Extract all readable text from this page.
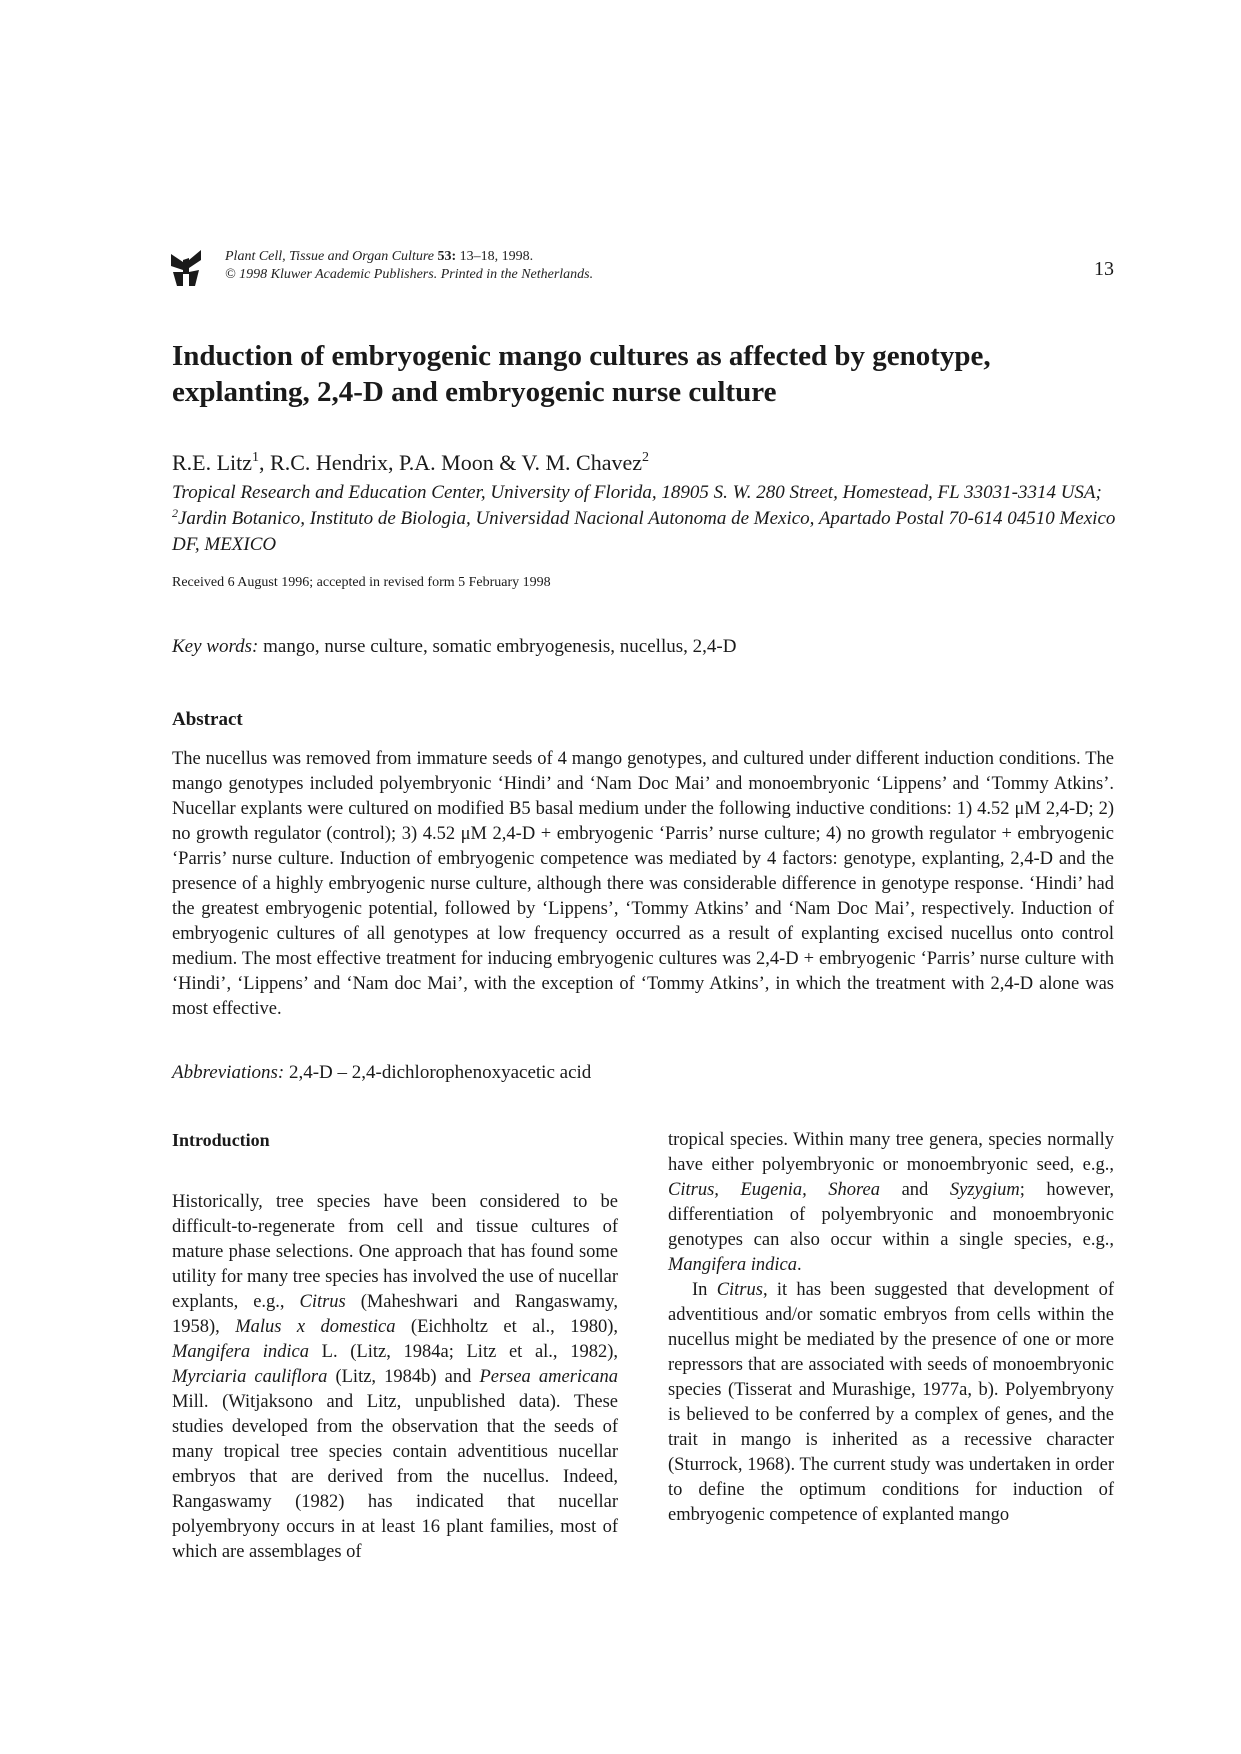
Plant Cell, Tissue and Organ Culture 53: 13–18, 1998.
© 1998 Kluwer Academic Publishers. Printed in the Netherlands.	13
Induction of embryogenic mango cultures as affected by genotype, explanting, 2,4-D and embryogenic nurse culture
R.E. Litz$^1$, R.C. Hendrix, P.A. Moon & V. M. Chavez$^2$
Tropical Research and Education Center, University of Florida, 18905 S. W. 280 Street, Homestead, FL 33031-3314 USA; $^2$Jardin Botanico, Instituto de Biologia, Universidad Nacional Autonoma de Mexico, Apartado Postal 70-614 04510 Mexico DF, MEXICO
Received 6 August 1996; accepted in revised form 5 February 1998
Key words: mango, nurse culture, somatic embryogenesis, nucellus, 2,4-D
Abstract
The nucellus was removed from immature seeds of 4 mango genotypes, and cultured under different induction conditions. The mango genotypes included polyembryonic ‘Hindi’ and ‘Nam Doc Mai’ and monoembryonic ‘Lippens’ and ‘Tommy Atkins’. Nucellar explants were cultured on modified B5 basal medium under the following inductive conditions: 1) 4.52 μM 2,4-D; 2) no growth regulator (control); 3) 4.52 μM 2,4-D + embryogenic ‘Parris’ nurse culture; 4) no growth regulator + embryogenic ‘Parris’ nurse culture. Induction of embryogenic competence was mediated by 4 factors: genotype, explanting, 2,4-D and the presence of a highly embryogenic nurse culture, although there was considerable difference in genotype response. ‘Hindi’ had the greatest embryogenic potential, followed by ‘Lippens’, ‘Tommy Atkins’ and ‘Nam Doc Mai’, respectively. Induction of embryogenic cultures of all genotypes at low frequency occurred as a result of explanting excised nucellus onto control medium. The most effective treatment for inducing embryogenic cultures was 2,4-D + embryogenic ‘Parris’ nurse culture with ‘Hindi’, ‘Lippens’ and ‘Nam doc Mai’, with the exception of ‘Tommy Atkins’, in which the treatment with 2,4-D alone was most effective.
Abbreviations: 2,4-D – 2,4-dichlorophenoxyacetic acid
Introduction
Historically, tree species have been considered to be difficult-to-regenerate from cell and tissue cultures of mature phase selections. One approach that has found some utility for many tree species has involved the use of nucellar explants, e.g., Citrus (Maheshwari and Rangaswamy, 1958), Malus x domestica (Eichholtz et al., 1980), Mangifera indica L. (Litz, 1984a; Litz et al., 1982), Myrciaria cauliflora (Litz, 1984b) and Persea americana Mill. (Witjaksono and Litz, unpublished data). These studies developed from the observation that the seeds of many tropical tree species contain adventitious nucellar embryos that are derived from the nucellus. Indeed, Rangaswamy (1982) has indicated that nucellar polyembryony occurs in at least 16 plant families, most of which are assemblages of

tropical species. Within many tree genera, species normally have either polyembryonic or monoembryonic seed, e.g., Citrus, Eugenia, Shorea and Syzygium; however, differentiation of polyembryonic and monoembryonic genotypes can also occur within a single species, e.g., Mangifera indica.

In Citrus, it has been suggested that development of adventitious and/or somatic embryos from cells within the nucellus might be mediated by the presence of one or more repressors that are associated with seeds of monoembryonic species (Tisserat and Murashige, 1977a, b). Polyembryony is believed to be conferred by a complex of genes, and the trait in mango is inherited as a recessive character (Sturrock, 1968). The current study was undertaken in order to define the optimum conditions for induction of embryogenic competence of explanted mango
